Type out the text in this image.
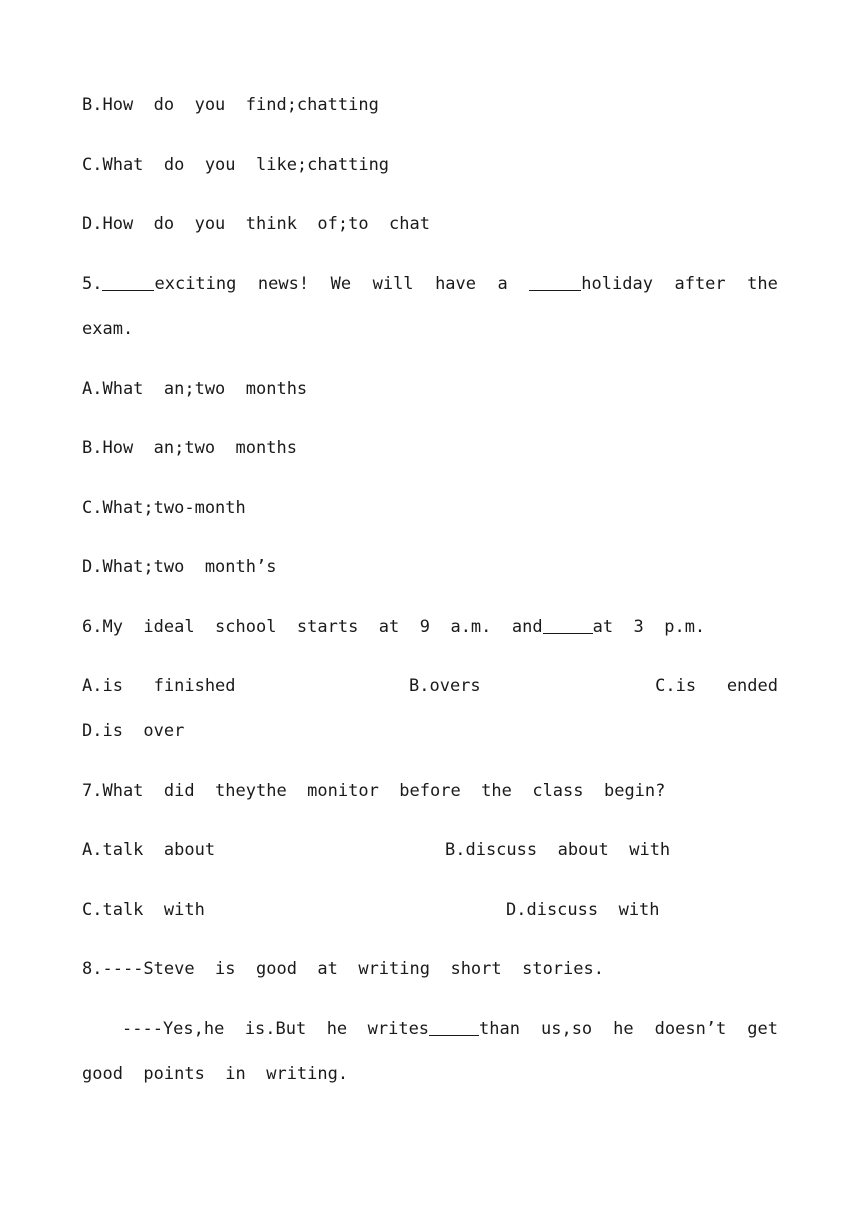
B.How  do  you  find;chatting
C.What  do  you  like;chatting
D.How  do  you  think  of;to  chat
5.	exciting news! We will have a	holiday after the
exam.
A.What  an;two  months
B.How  an;two  months
C.What;two-month
D.What;two  month’s
6.My  ideal  school  starts  at  9  a.m.  and	at  3  p.m.
A.is   finished	B.overs	C.is   ended
D.is  over
7.What  did  theythe  monitor  before  the  class  begin?
A.talk  about	B.discuss  about  with
C.talk  with	D.discuss  with
8.----Steve  is  good  at  writing  short  stories.
----Yes,he  is.But  he  writes	than us,so he doesn’t get
good  points  in  writing.
